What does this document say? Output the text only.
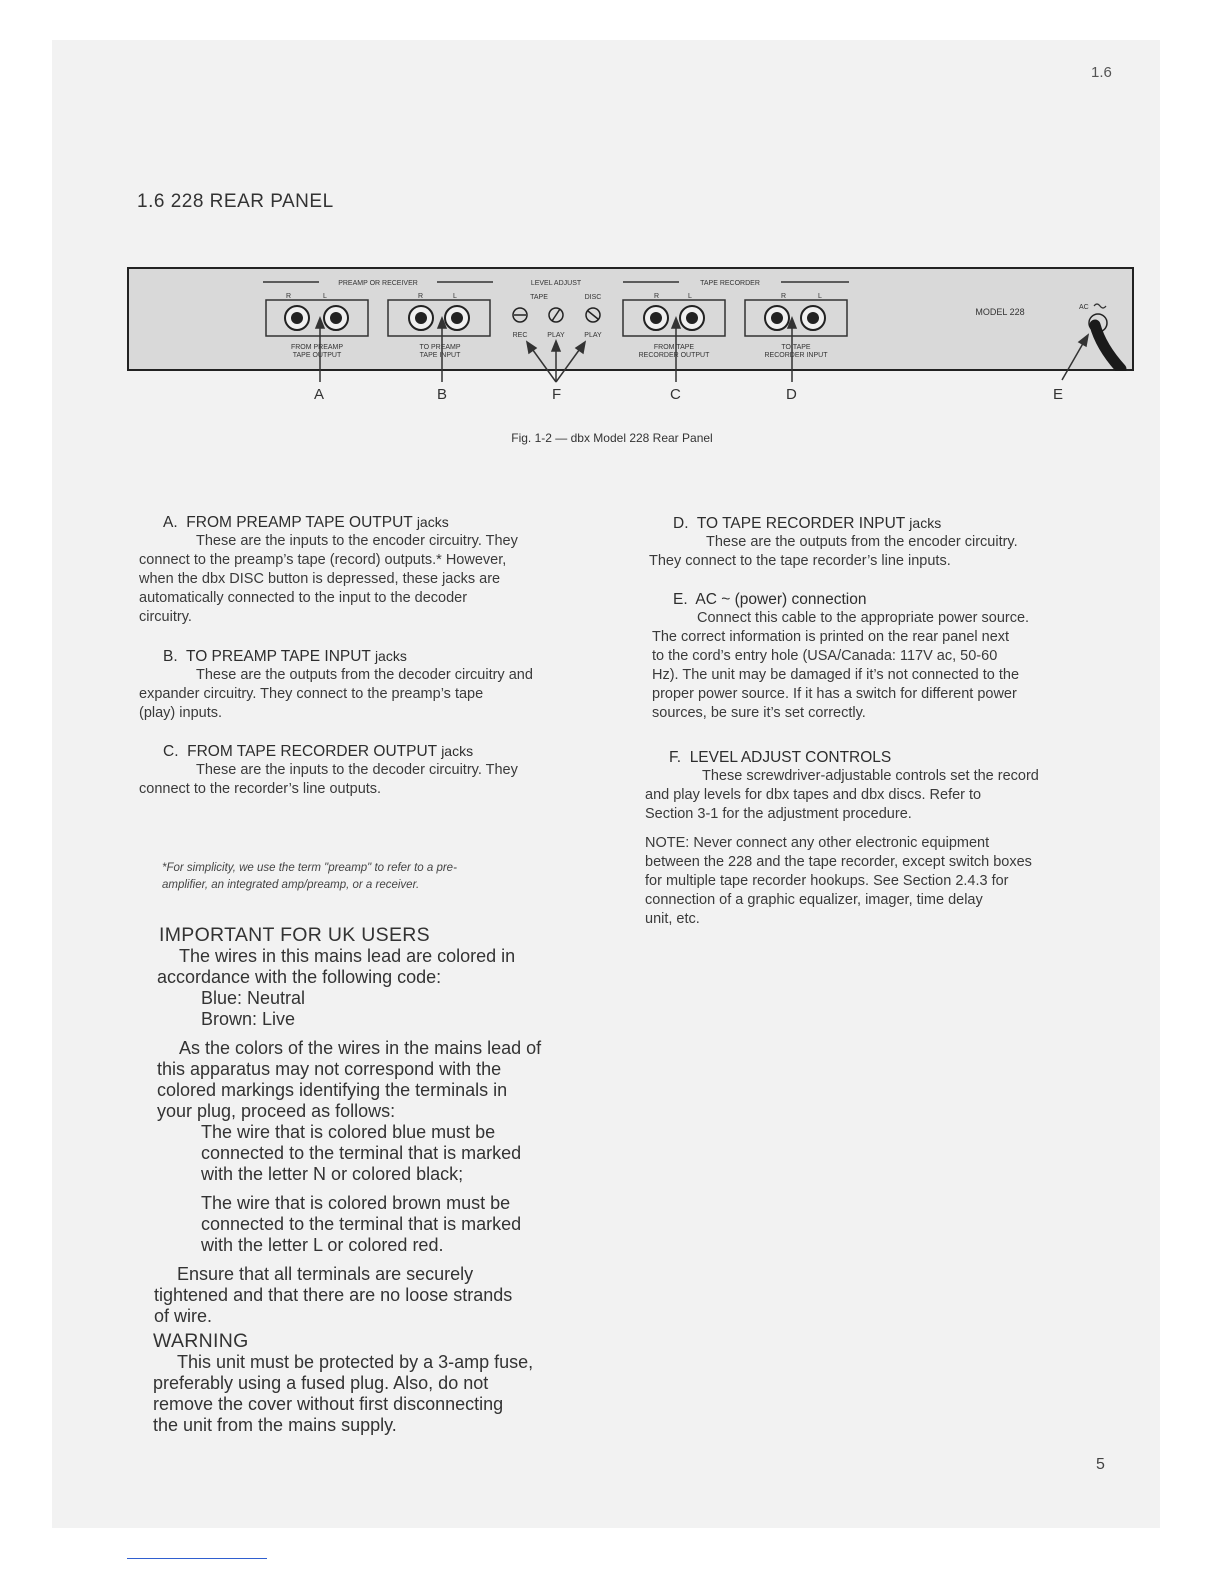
1.6
1.6 228 REAR PANEL
PREAMP OR RECEIVER	LEVEL ADJUST	TAPE RECORDER
R	L
FROM PREAMP
TAPE OUTPUT
R	L
TO PREAMP
TAPE INPUT
TAPE	DISC
REC	PLAY	PLAY
R	L
FROM TAPE
RECORDER OUTPUT
R	L
TO TAPE
RECORDER INPUT
MODEL 228	AC
A	B	F	C	D	E
Fig. 1-2 — dbx Model 228 Rear Panel
A. FROM PREAMP TAPE OUTPUT jacks
These are the inputs to the encoder circuitry. They
connect to the preamp’s tape (record) outputs.* However,
when the dbx DISC button is depressed, these jacks are
automatically connected to the input to the decoder
circuitry.
B. TO PREAMP TAPE INPUT jacks
These are the outputs from the decoder circuitry and
expander circuitry. They connect to the preamp’s tape
(play) inputs.
C. FROM TAPE RECORDER OUTPUT jacks
These are the inputs to the decoder circuitry. They
connect to the recorder’s line outputs.
D. TO TAPE RECORDER INPUT jacks
These are the outputs from the encoder circuitry.
They connect to the tape recorder’s line inputs.
E. AC ~ (power) connection
Connect this cable to the appropriate power source.
The correct information is printed on the rear panel next
to the cord’s entry hole (USA/Canada: 117V ac, 50-60
Hz). The unit may be damaged if it’s not connected to the
proper power source. If it has a switch for different power
sources, be sure it’s set correctly.
F. LEVEL ADJUST CONTROLS
These screwdriver-adjustable controls set the record
and play levels for dbx tapes and dbx discs. Refer to
Section 3-1 for the adjustment procedure.
NOTE: Never connect any other electronic equipment
between the 228 and the tape recorder, except switch boxes
for multiple tape recorder hookups. See Section 2.4.3 for
connection of a graphic equalizer, imager, time delay
unit, etc.
*For simplicity, we use the term "preamp" to refer to a pre-
amplifier, an integrated amp/preamp, or a receiver.
IMPORTANT FOR UK USERS
The wires in this mains lead are colored in
accordance with the following code:
Blue: Neutral
Brown: Live
As the colors of the wires in the mains lead of
this apparatus may not correspond with the
colored markings identifying the terminals in
your plug, proceed as follows:
The wire that is colored blue must be
connected to the terminal that is marked
with the letter N or colored black;
The wire that is colored brown must be
connected to the terminal that is marked
with the letter L or colored red.
Ensure that all terminals are securely
tightened and that there are no loose strands
of wire.
WARNING
This unit must be protected by a 3-amp fuse,
preferably using a fused plug. Also, do not
remove the cover without first disconnecting
the unit from the mains supply.
5
